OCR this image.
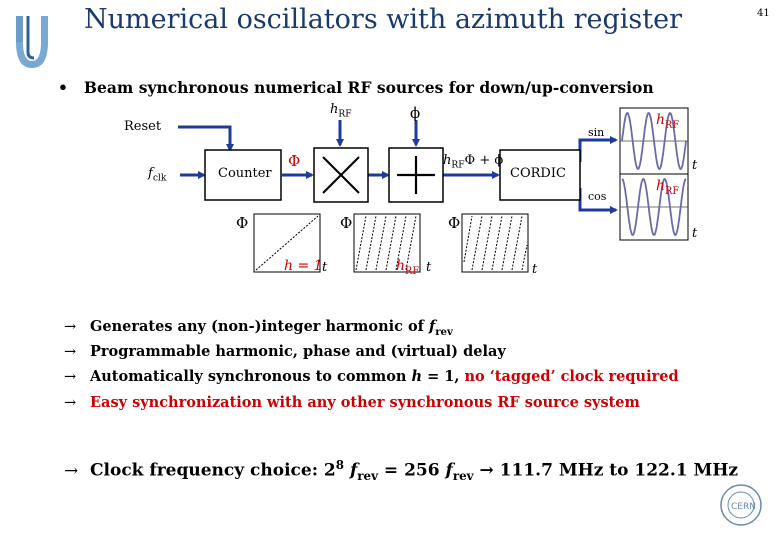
Numerical oscillators with azimuth register	41
• Beam synchronous numerical RF sources for down/up-conversion
Reset
$f_{clk}$	Counter	CORDIC
Φ
$h_{RF}$	ϕ
$h_{RF}\Phi + \phi$
sin
cos
$h_{RF}$
$h_{RF}$
t
t
Φ	Φ	Φ
h = 1 t	$h_{RF}$ t	t
→ Generates any (non-)integer harmonic of $f_{rev}$
→ Programmable harmonic, phase and (virtual) delay
→ Automatically synchronous to common h = 1, no ‘tagged’ clock required
→ Easy synchronization with any other synchronous RF source system
→ Clock frequency choice: $2^8$ $f_{rev} = 256$ $f_{rev} \to 111.7$ MHz to 122.1 MHz
CERN
